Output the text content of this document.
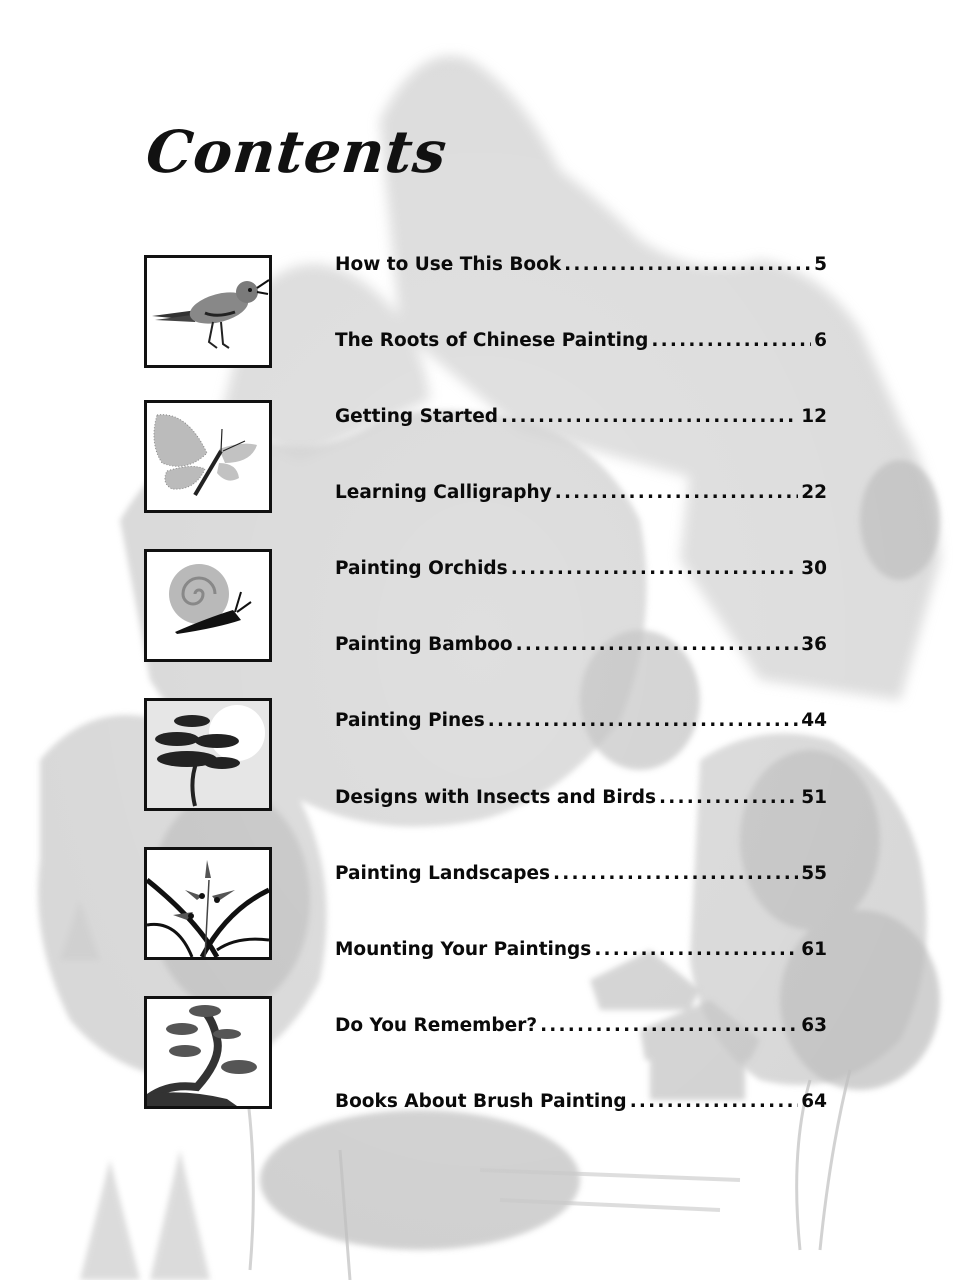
Contents
How to Use This Book .....	5
The Roots of Chinese Painting .....	6
Getting Started .....	12
Learning Calligraphy .....	22
Painting Orchids .....	30
Painting Bamboo .....	36
Painting Pines .....	44
Designs with Insects and Birds .....	51
Painting Landscapes .....	55
Mounting Your Paintings .....	61
Do You Remember? .....	63
Books About Brush Painting .....	64
